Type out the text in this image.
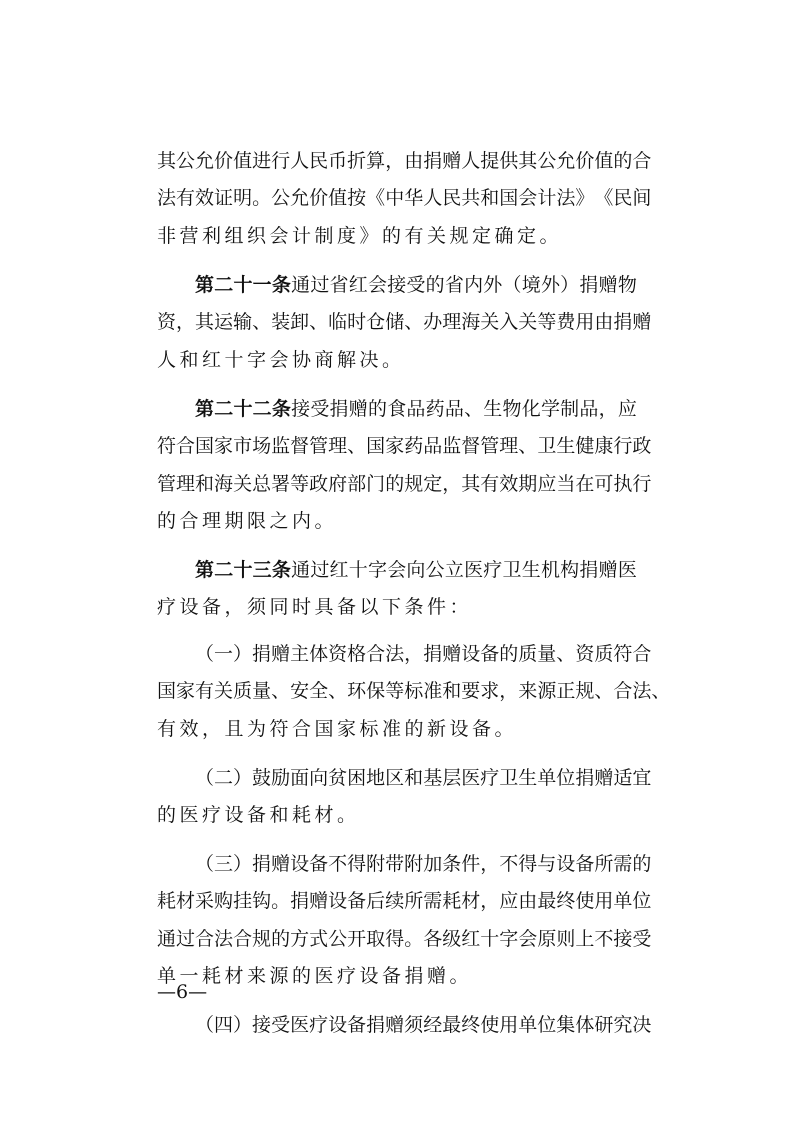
其 公 允 价 值 进 行 人 民 币 折 算 ， 由 捐 赠 人 提 供 其 公 允 价 值 的 合
法 有 效 证 明 。 公 允 价 值 按 《 中 华 人 民 共 和 国 会 计 法 》 《 民 间
非营利组织会计制度》的有关规定确定。
第 二 十 一 条 通 过 省 红 会 接 受 的 省 内 外 （ 境 外 ） 捐 赠 物
资 ， 其 运 输 、 装 卸 、 临 时 仓 储 、 办 理 海 关 入 关 等 费 用 由 捐 赠
人和红十字会协商解决。
第 二 十 二 条 接 受 捐 赠 的 食 品 药 品 、 生 物 化 学 制 品 ， 应
符 合 国 家 市 场 监 督 管 理 、 国 家 药 品 监 督 管 理 、 卫 生 健 康 行 政
管 理 和 海 关 总 署 等 政 府 部 门 的 规 定 ， 其 有 效 期 应 当 在 可 执 行
的合理期限之内。
第 二 十 三 条 通 过 红 十 字 会 向 公 立 医 疗 卫 生 机 构 捐 赠 医
疗设备，须同时具备以下条件：
（ 一 ） 捐 赠 主 体 资 格 合 法 ， 捐 赠 设 备 的 质 量 、 资 质 符 合
国 家 有 关 质 量 、 安 全 、 环 保 等 标 准 和 要 求 ， 来 源 正 规 、 合 法 、
有效，且为符合国家标准的新设备。
（ 二 ） 鼓 励 面 向 贫 困 地 区 和 基 层 医 疗 卫 生 单 位 捐 赠 适 宜
的医疗设备和耗材。
（ 三 ） 捐 赠 设 备 不 得 附 带 附 加 条 件 ， 不 得 与 设 备 所 需 的
耗 材 采 购 挂 钩 。 捐 赠 设 备 后 续 所 需 耗 材 ， 应 由 最 终 使 用 单 位
通 过 合 法 合 规 的 方 式 公 开 取 得 。 各 级 红 十 字 会 原 则 上 不 接 受
单一耗材来源的医疗设备捐赠。
（ 四 ） 接 受 医 疗 设 备 捐 赠 须 经 最 终 使 用 单 位 集 体 研 究 决
—6—
